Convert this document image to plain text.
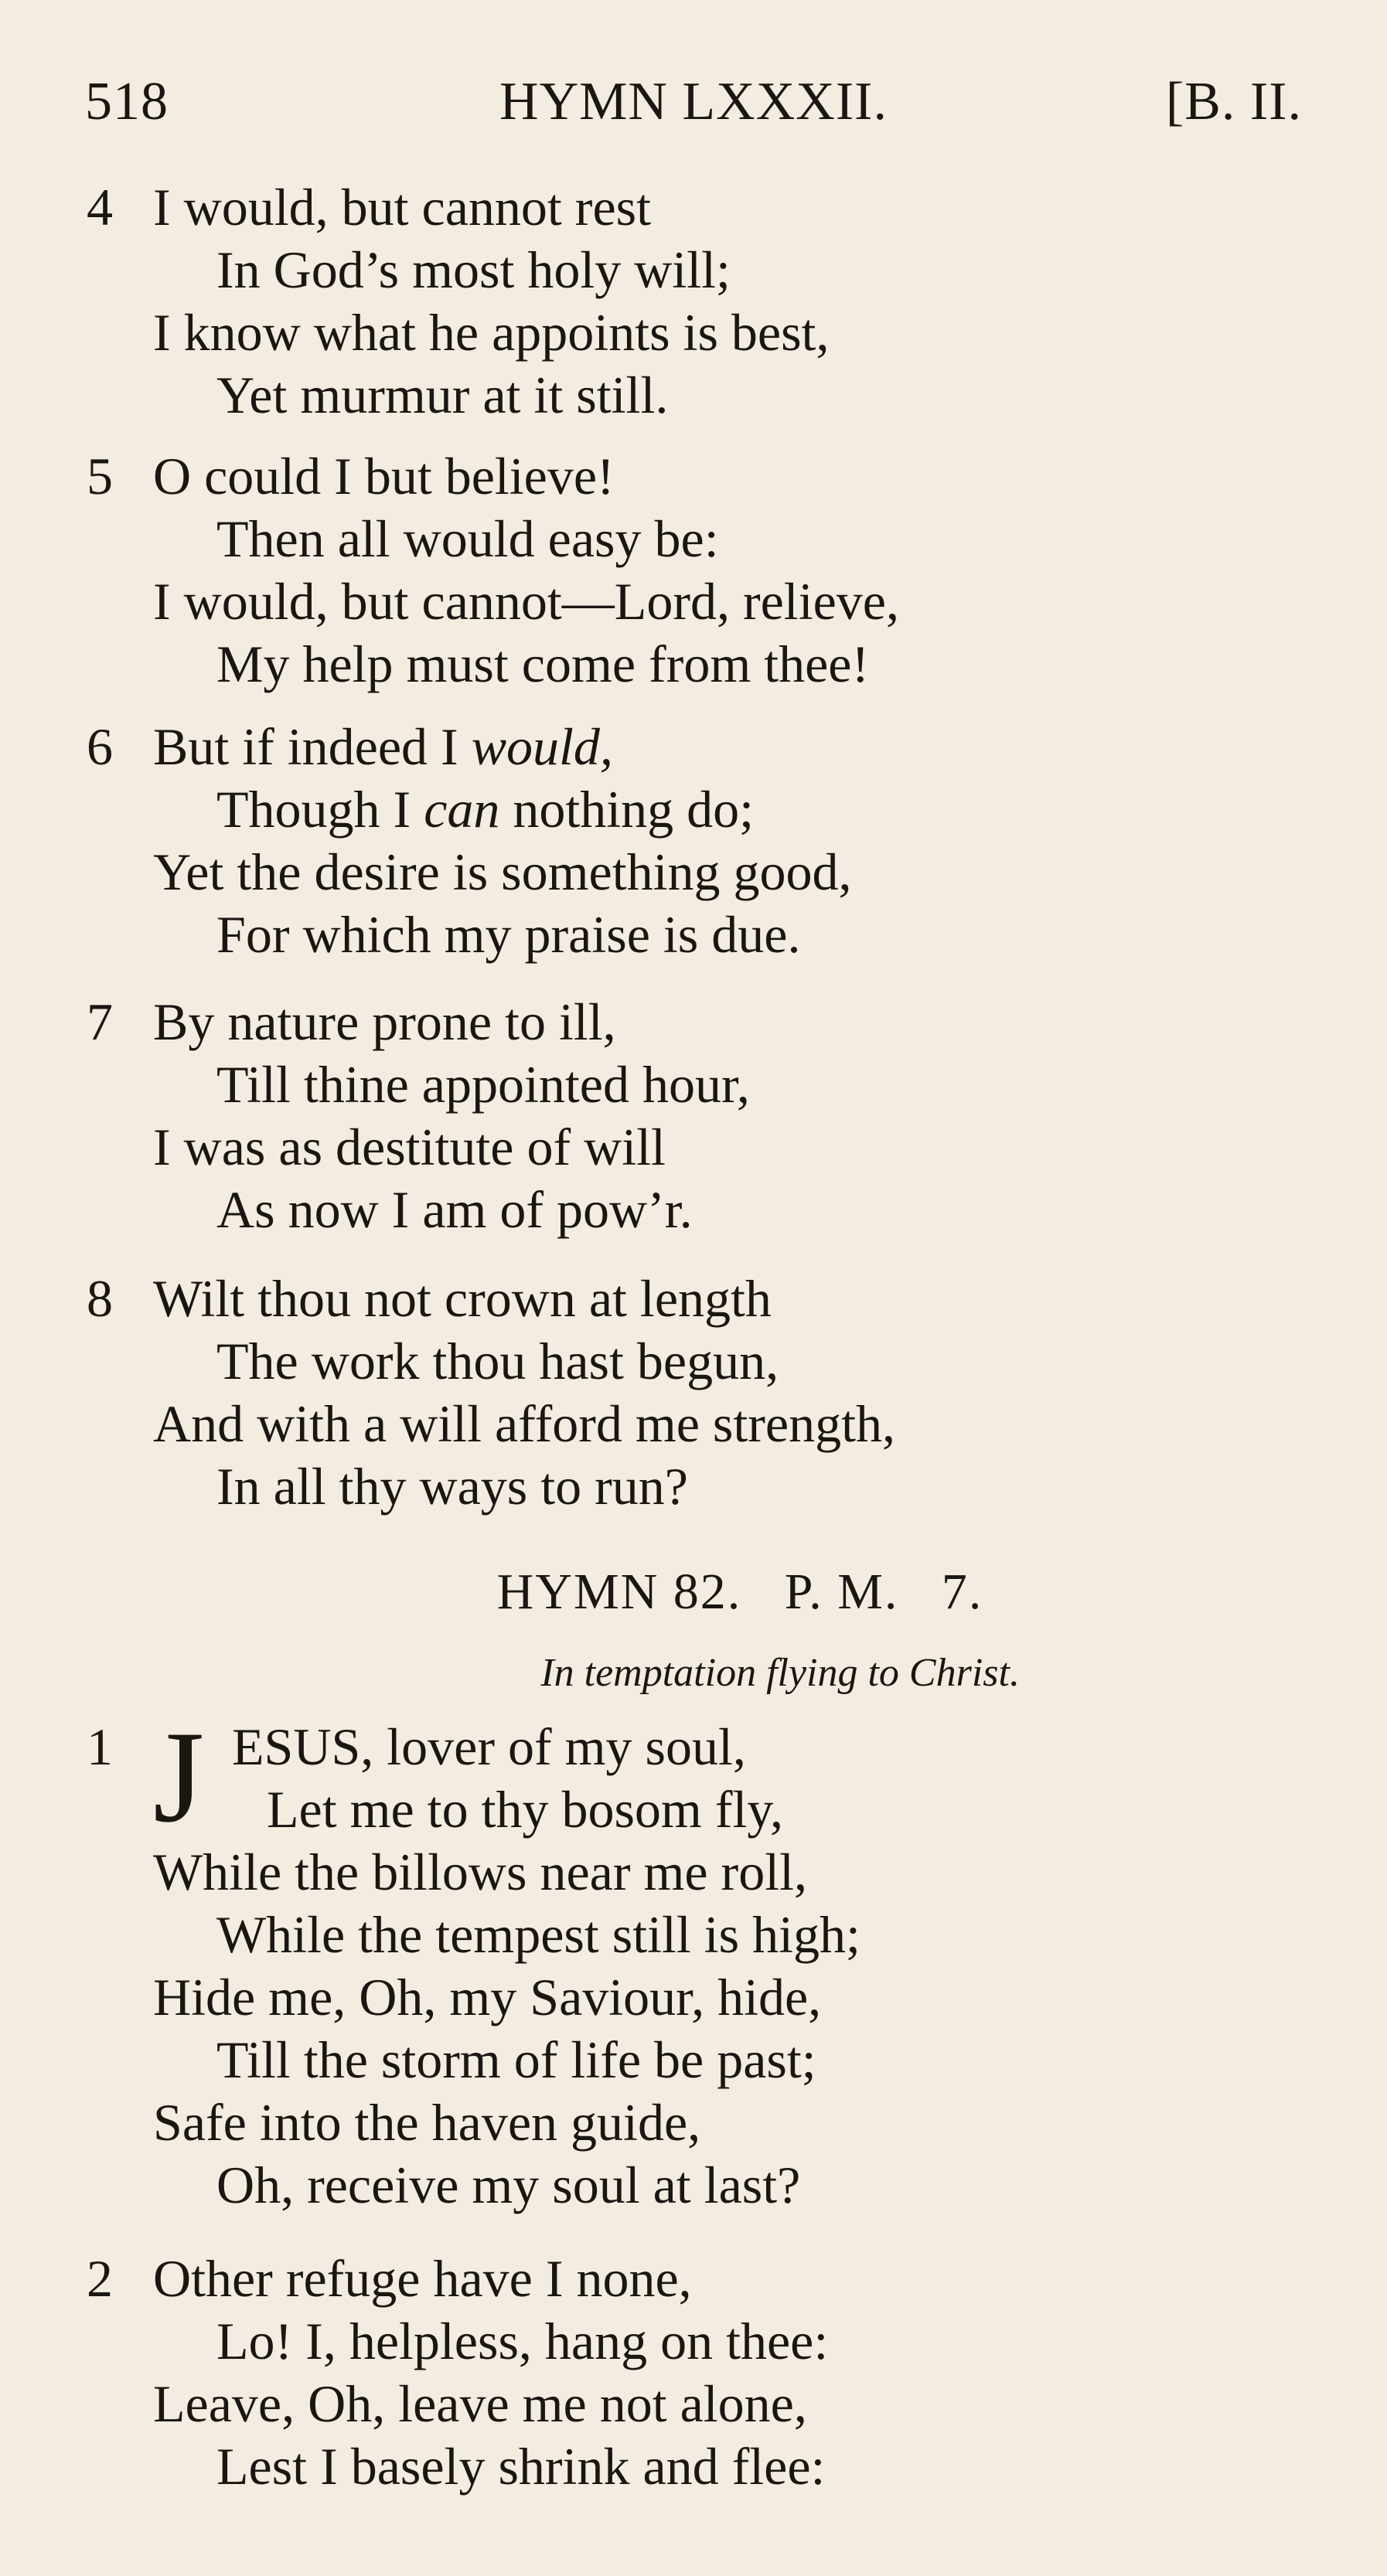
518	HYMN LXXXII.	[B. II.
4 I would, but cannot rest
In God’s most holy will;
I know what he appoints is best,
Yet murmur at it still.
5 O could I but believe!
Then all would easy be:
I would, but cannot—Lord, relieve,
My help must come from thee!
6 But if indeed I would,
Though I can nothing do;
Yet the desire is something good,
For which my praise is due.
7 By nature prone to ill,
Till thine appointed hour,
I was as destitute of will
As now I am of pow’r.
8 Wilt thou not crown at length
The work thou hast begun,
And with a will afford me strength,
In all thy ways to run?
HYMN 82.   P. M.   7.
In temptation flying to Christ.
1 J ESUS, lover of my soul,
Let me to thy bosom fly,
While the billows near me roll,
While the tempest still is high;
Hide me, Oh, my Saviour, hide,
Till the storm of life be past;
Safe into the haven guide,
Oh, receive my soul at last?
2 Other refuge have I none,
Lo! I, helpless, hang on thee:
Leave, Oh, leave me not alone,
Lest I basely shrink and flee:
